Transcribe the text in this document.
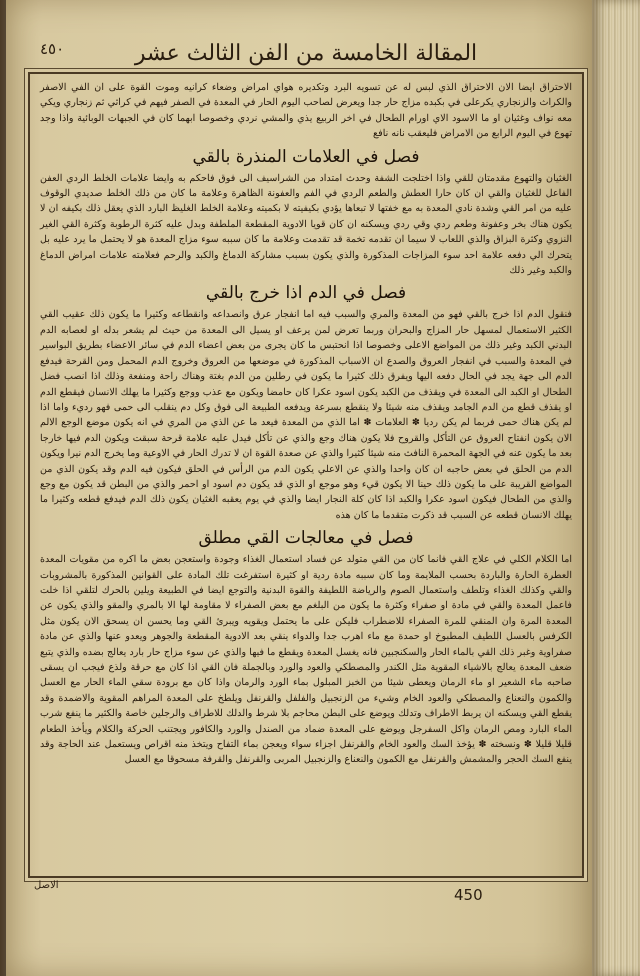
٤٥٠	المقالة الخامسة من الفن الثالث عشر

الاحتراق ايضا الان الاحتراق الذي لبس له عن تسويه البرد وتكديره هواي امراض وضعاء كرانيه وموت القوة على ان الفي الاصفر والكراث والزنجاري يكرعلى في بكبده مزاج حار جدا ويعرض لصاحب اليوم الحار في المعدة في الصفر فيهم في كراثي ثم زنجاري ويكي معه نواف وغثيان او ما الاسود الاي اورام الطحال في اخر الربيع يذي والمشي نردي وخصوصا ابهما كان في الجبهات الوبائية واذا وجد تهوع في اليوم الرابع من الامراض فليعقب نانه نافع

فصل في العلامات المنذرة بالقي

الغثيان والتهوع مقدمتان للقي واذا اختلجت الشفة وحدث امتداد من الشراسيف الى فوق فاحكم به وايضا علامات الخلط الردي العفن الفاعل للغثيان والقي ان كان حارا العطش والطعم الردي في الفم والعفونة الظاهرة وعلامة ما كان من ذلك الخلط صديدي الوقوف عليه من امر القي وشدة نادي المعدة به مع خفتها لا تبعاها يؤدي بكيفيته لا بكميته وعلامة الخلط الغليظ البارد الذي يعقل ذلك بكيفه ان لا يكون هناك بخر وعفونة وطعم ردي وقي ردي ويسكنه ان كان قويا الادوية المقطعة الملطفة وبدل عليه كثرة الرطوبة وكثرة القي الغير النزوي وكثرة البزاق والذي اللعاب لا سيما ان تقدمه تخمة قد تقدمت وعلامة ما كان سببه سوء مزاج المعدة هو لا يحتمل ما يرد عليه بل يتحرك الي دفعه علامة احد سوء المزاجات المذكورة والذي يكون بسبب مشاركة الدماغ والكبد والرحم فعلامته علامات امراض الدماغ والكبد وغير ذلك

فصل في الدم اذا خرج بالقي

فنقول الدم اذا خرج بالقي فهو من المعدة والمري والسبب فيه اما انفجار عرق وانصداعه وانقطاعه وكثيرا ما يكون ذلك عقيب القي الكثير الاستعمال لمسهل حار المزاج والبحران وربما تعرض لمن يرعف او يسيل الى المعدة من حيث لم يشعر بدله او لعصابه الدم البدني الكبد وغير ذلك من المواضع الاعلى وخصوصا اذا انحتبس ما كان يجرى من بعض اعضاء الدم في سائر الاعضاء بطريق البواسير في المعدة والسبب في انفجار العروق والصدع ان الاسباب المذكورة في موضعها من العروق وخروج الدم المحمل ومن القرحة فيدفع الدم الى جهة يجد في الحال دفعه اليها ويفرق ذلك كثيرا ما يكون في رطلين من الدم بغتة وهناك راحة ومنفعة وذلك اذا انصب فضل الطحال او الكبد الى المعدة في ويقذف من الكبد يكون اسود عكرا كان حامضا ويكون مع عذب ووجع وكثيرا ما يهلك الانسان فيقطع الدم او يقذف قطع من الدم الجامد ويقذف منه شيئا ولا ينقطع بسرعة ويدفعه الطبيعة الى فوق وكل دم ينقلب الى حمى فهو رديء واما اذا لم يكن هناك حمى فربما لم يكن رديا ✽ العلامات ✽ اما الذي من المعدة فيعد ما عن الذي من المري في انه يكون موضع الوجع الالم الان يكون انفتاح العروق عن التأكل والقروح فلا يكون هناك وجع والذي عن تأكل فيدل عليه علامة قرحة سبقت ويكون الدم فيها خارجا بعد ما يكون عنه في الجهة المحمرة النافث منه شيئا كثيرا والذي عن صعدة القوة ان لا تدرك الحار في الاوعية وما يخرج الدم نيرا ويكون الدم من الحلق في بعض حاجبه ان كان واحدا والذي عن الاعلي يكون الدم من الرأس في الحلق فيكون فيه الدم وقد يكون الذي من المواضع القريبة على ما يكون ذلك حينا الا يكون قيء وهو موجع او الذي قد يكون دم اسود او احمر والذي من البطن قد يكون مع وجع والذي من الطحال فيكون اسود عكرا والكبد اذا كان كلة النجار ايضا والذي في يوم يعقبه الغثيان يكون ذلك الدم فيدفع قطعه وكثيرا ما يهلك الانسان قطعه عن السبب قد ذكرت متقدما ما كان هذه

فصل في معالجات القي مطلق

اما الكلام الكلي في علاج القي فانما كان من القي متولد عن فساد استعمال الغذاء وجودة واستعجن بعض ما اكره من مقويات المعدة العطرة الحارة والباردة بحسب الملايمة وما كان سببه مادة ردية او كثيرة استفرغت تلك المادة على القوانين المذكورة بالمشروبات والقي وكذلك الغذاء وتلطف واستعمال الصوم والرياضة اللطيفة والقوة البدنية والتوجع ايضا في الطبيعة ويلين بالحرك لتلقي اذا خلت فاعمل المعدة والقي في مادة او صفراء وكثرة ما يكون من البلغم مع بعض الصفراء لا مقاومة لها الا بالمري والمقو والذي يكون عن المعدة المرة وان المنقي للمرة الصفراء للاضطراب فليكن على ما يحتمل ويقويه ويبرئ القي وما يحسن ان يسحق الان يكون مثل الكرفس بالعسل اللطيف المطبوخ او حمدة مع ماء اهرب جدا والدواء ينقي بعد الادوية المقطعة والجوهر ويعدو عنها والذي عن مادة صفراوية وغبر ذلك القي بالماء الحار والسكنجبين فانه يغسل المعدة ويقطع ما فيها والذي عن سوء مزاج حار بارد يعالج بضده والذي يتبع ضعف المعدة يعالج بالاشياء المقوية مثل الكندر والمصطكي والعود والورد وبالجملة فان القي اذا كان مع حرقة ولذع فيجب ان يسقى صاحبه ماء الشعير او ماء الرمان ويعطى شيئا من الخبز المبلول بماء الورد والرمان واذا كان مع برودة سقي الماء الحار مع العسل والكمون والنعناع والمصطكي والعود الخام وشيء من الزنجبيل والفلفل والقرنفل ويلطخ على المعدة المراهم المقوية والاضمدة وقد يقطع القي ويسكنه ان يربط الاطراف وتدلك ويوضع على البطن محاجم بلا شرط والدلك للاطراف والرجلين خاصة والكثير ما ينفع شرب الماء البارد ومص الرمان واكل السفرجل ويوضع على المعدة ضماد من الصندل والورد والكافور ويجتنب الحركة والكلام ويأخذ الطعام قليلا قليلا ✽ ونسخته ✽ يؤخذ السك والعود الخام والقرنفل اجزاء سواء ويعجن بماء التفاح ويتخذ منه اقراص ويستعمل عند الحاجة وقد ينفع السك الحجر والمشمش والقرنفل مع الكمون والنعناع والزنجبيل المربى والقرنفل والقرفة مسحوقا مع العسل

الاصل
450
